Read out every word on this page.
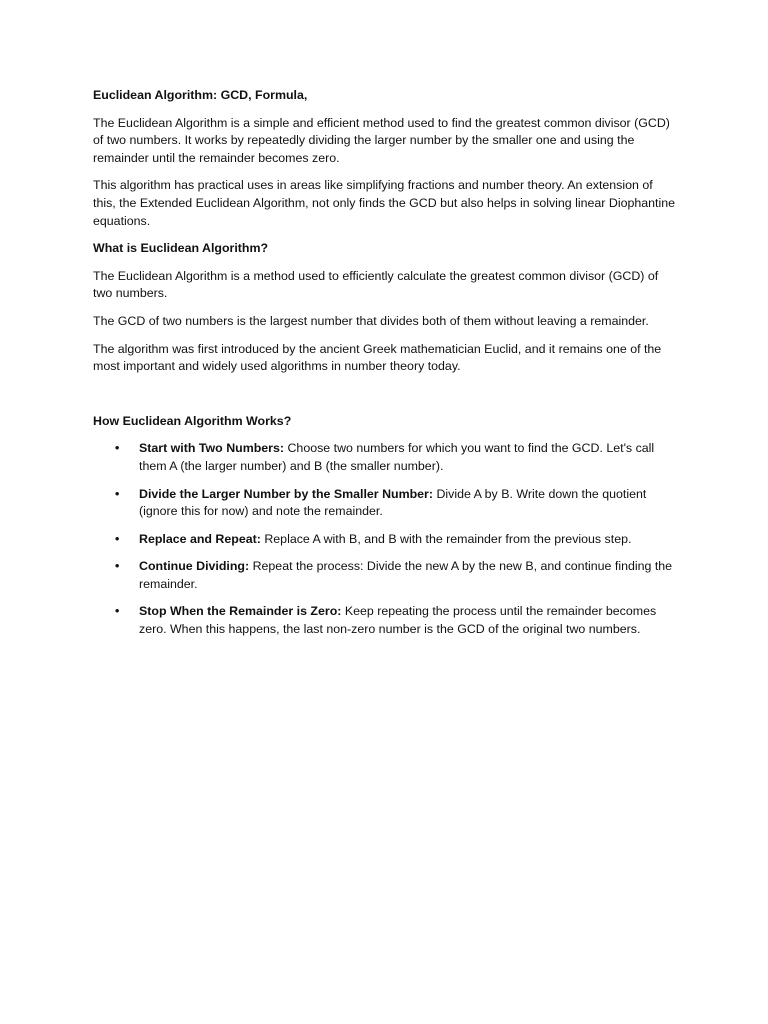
Euclidean Algorithm: GCD, Formula,

The Euclidean Algorithm is a simple and efficient method used to find the greatest common divisor (GCD) of two numbers. It works by repeatedly dividing the larger number by the smaller one and using the remainder until the remainder becomes zero.

This algorithm has practical uses in areas like simplifying fractions and number theory. An extension of this, the Extended Euclidean Algorithm, not only finds the GCD but also helps in solving linear Diophantine equations.

What is Euclidean Algorithm?

The Euclidean Algorithm is a method used to efficiently calculate the greatest common divisor (GCD) of two numbers.

The GCD of two numbers is the largest number that divides both of them without leaving a remainder.

The algorithm was first introduced by the ancient Greek mathematician Euclid, and it remains one of the most important and widely used algorithms in number theory today.

How Euclidean Algorithm Works?
• Start with Two Numbers: Choose two numbers for which you want to find the GCD. Let's call them A (the larger number) and B (the smaller number).
• Divide the Larger Number by the Smaller Number: Divide A by B. Write down the quotient (ignore this for now) and note the remainder.
• Replace and Repeat: Replace A with B, and B with the remainder from the previous step.
• Continue Dividing: Repeat the process: Divide the new A by the new B, and continue finding the remainder.
• Stop When the Remainder is Zero: Keep repeating the process until the remainder becomes zero. When this happens, the last non-zero number is the GCD of the original two numbers.
